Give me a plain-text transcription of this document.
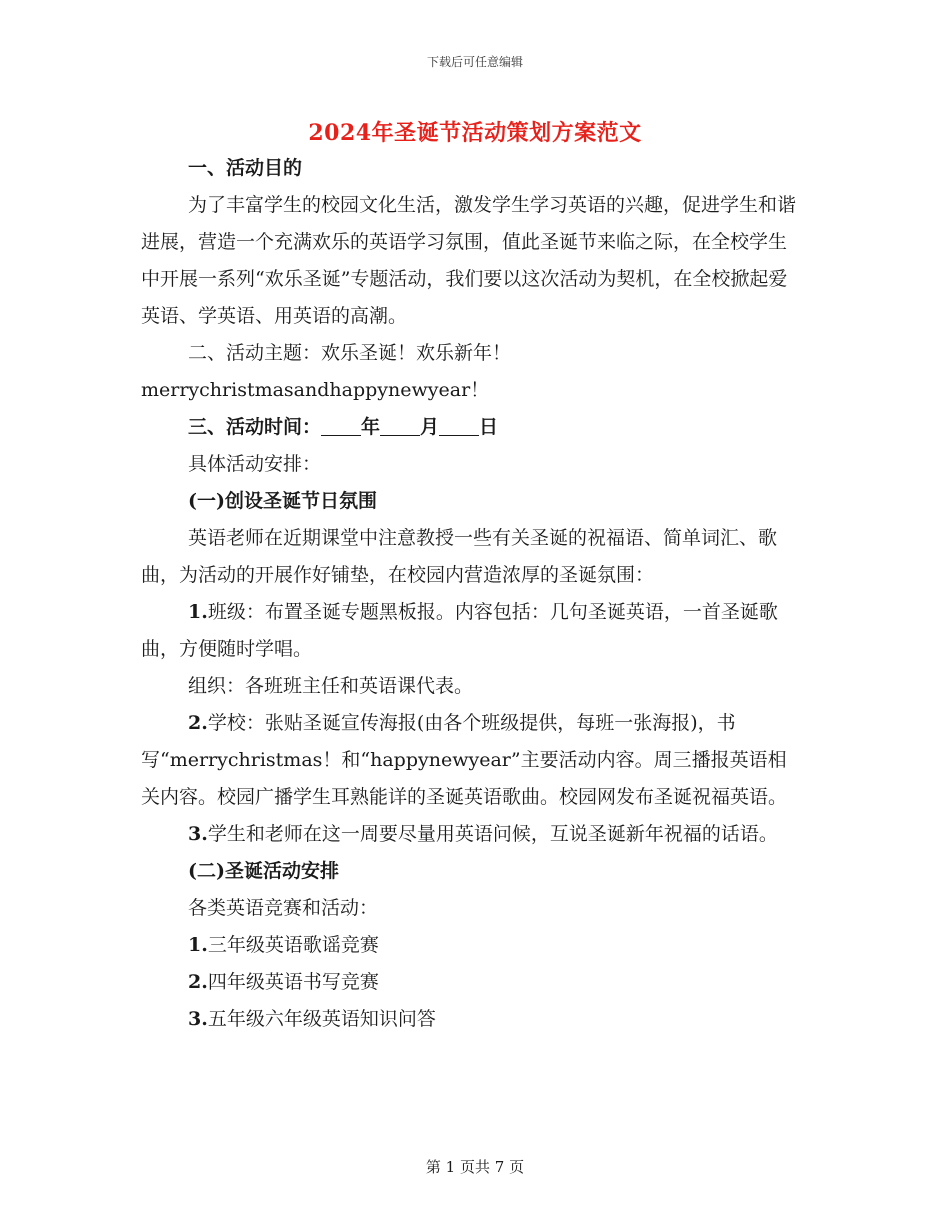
下载后可任意编辑
2024年圣诞节活动策划方案范文

一、活动目的

为了丰富学生的校园文化生活，激发学生学习英语的兴趣，促进学生和谐进展，营造一个充满欢乐的英语学习氛围，值此圣诞节来临之际，在全校学生中开展一系列“欢乐圣诞”专题活动，我们要以这次活动为契机，在全校掀起爱英语、学英语、用英语的高潮。

二、活动主题：欢乐圣诞！欢乐新年！

merrychristmasandhappynewyear！

三、活动时间： 年 月 日

具体活动安排：

(一)创设圣诞节日氛围

英语老师在近期课堂中注意教授一些有关圣诞的祝福语、简单词汇、歌曲，为活动的开展作好铺垫，在校园内营造浓厚的圣诞氛围：

1.班级：布置圣诞专题黑板报。内容包括：几句圣诞英语，一首圣诞歌曲，方便随时学唱。

组织：各班班主任和英语课代表。

2.学校：张贴圣诞宣传海报(由各个班级提供，每班一张海报)，书写“merrychristmas！和“happynewyear”主要活动内容。周三播报英语相关内容。校园广播学生耳熟能详的圣诞英语歌曲。校园网发布圣诞祝福英语。

3.学生和老师在这一周要尽量用英语问候，互说圣诞新年祝福的话语。

(二)圣诞活动安排

各类英语竞赛和活动：

1.三年级英语歌谣竞赛

2.四年级英语书写竞赛

3.五年级六年级英语知识问答

第 1 页共 7 页
